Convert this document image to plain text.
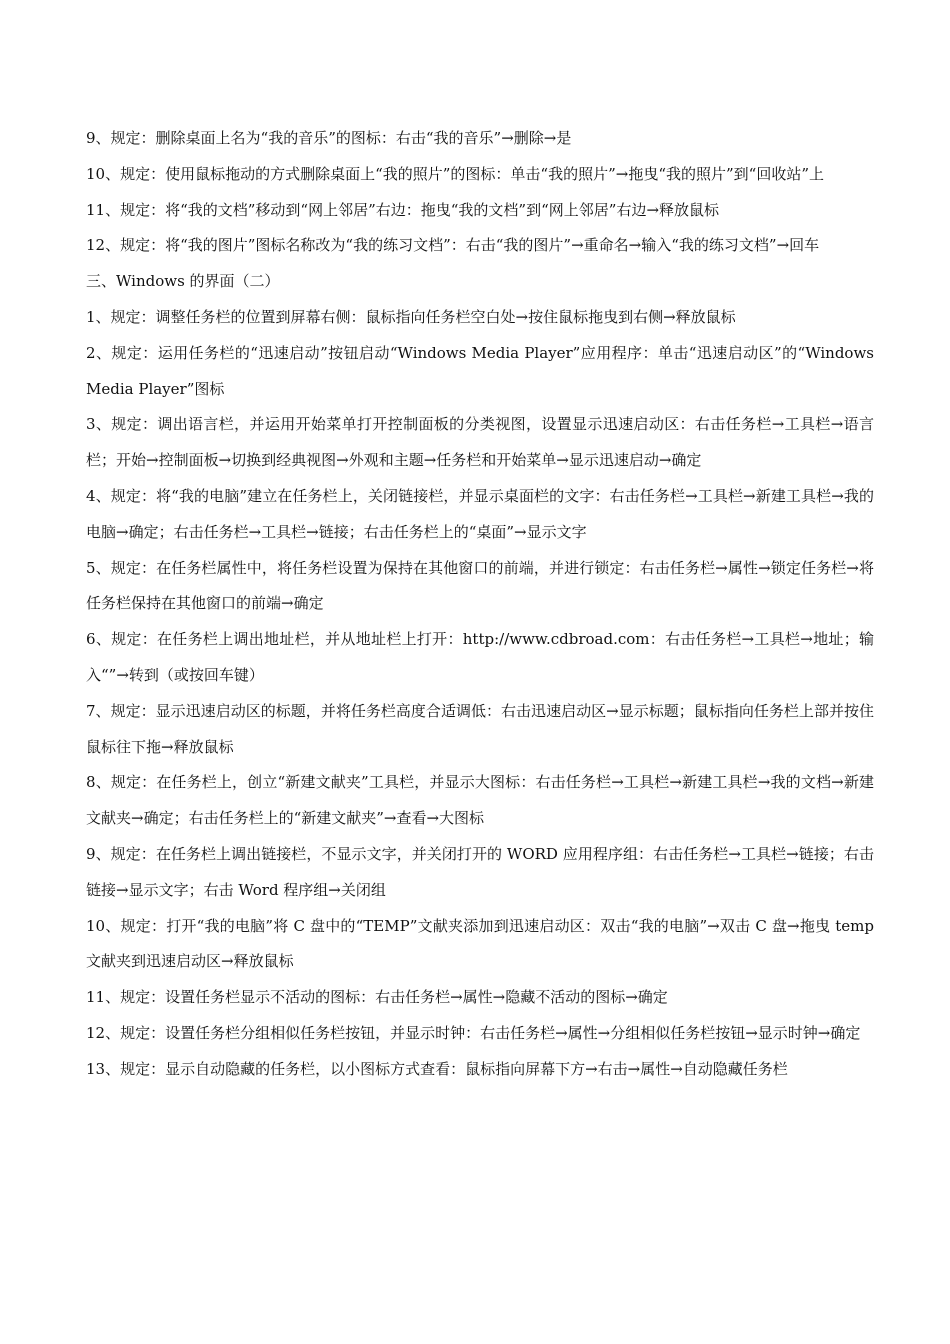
9、规定：删除桌面上名为“我的音乐”的图标：右击“我的音乐”→删除→是

10、规定：使用鼠标拖动的方式删除桌面上“我的照片”的图标：单击“我的照片”→拖曳“我的照片”到“回收站”上

11、规定：将“我的文档”移动到“网上邻居”右边：拖曳“我的文档”到“网上邻居”右边→释放鼠标

12、规定：将“我的图片”图标名称改为“我的练习文档”：右击“我的图片”→重命名→输入“我的练习文档”→回车

三、Windows 的界面（二）

1、规定：调整任务栏的位置到屏幕右侧：鼠标指向任务栏空白处→按住鼠标拖曳到右侧→释放鼠标

2、规定：运用任务栏的“迅速启动”按钮启动“Windows Media Player”应用程序：单击“迅速启动区”的“Windows Media Player”图标

3、规定：调出语言栏，并运用开始菜单打开控制面板的分类视图，设置显示迅速启动区：右击任务栏→工具栏→语言栏；开始→控制面板→切换到经典视图→外观和主题→任务栏和开始菜单→显示迅速启动→确定

4、规定：将“我的电脑”建立在任务栏上，关闭链接栏，并显示桌面栏的文字：右击任务栏→工具栏→新建工具栏→我的电脑→确定；右击任务栏→工具栏→链接；右击任务栏上的“桌面”→显示文字

5、规定：在任务栏属性中，将任务栏设置为保持在其他窗口的前端，并进行锁定：右击任务栏→属性→锁定任务栏→将任务栏保持在其他窗口的前端→确定

6、规定：在任务栏上调出地址栏，并从地址栏上打开：http://www.cdbroad.com：右击任务栏→工具栏→地址；输入“”→转到（或按回车键）

7、规定：显示迅速启动区的标题，并将任务栏高度合适调低：右击迅速启动区→显示标题；鼠标指向任务栏上部并按住鼠标往下拖→释放鼠标

8、规定：在任务栏上，创立“新建文献夹”工具栏，并显示大图标：右击任务栏→工具栏→新建工具栏→我的文档→新建文献夹→确定；右击任务栏上的“新建文献夹”→查看→大图标

9、规定：在任务栏上调出链接栏，不显示文字，并关闭打开的 WORD 应用程序组：右击任务栏→工具栏→链接；右击链接→显示文字；右击 Word 程序组→关闭组

10、规定：打开“我的电脑”将 C 盘中的“TEMP”文献夹添加到迅速启动区：双击“我的电脑”→双击 C 盘→拖曳 temp 文献夹到迅速启动区→释放鼠标

11、规定：设置任务栏显示不活动的图标：右击任务栏→属性→隐藏不活动的图标→确定

12、规定：设置任务栏分组相似任务栏按钮，并显示时钟：右击任务栏→属性→分组相似任务栏按钮→显示时钟→确定

13、规定：显示自动隐藏的任务栏，以小图标方式查看：鼠标指向屏幕下方→右击→属性→自动隐藏任务栏
